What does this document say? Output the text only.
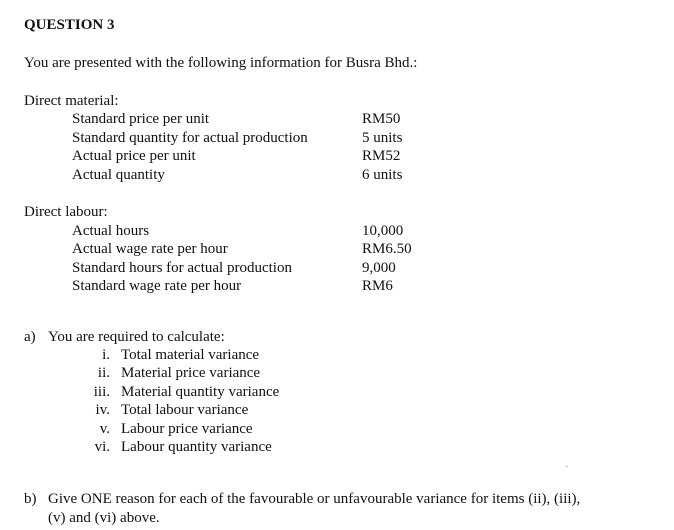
QUESTION 3
You are presented with the following information for Busra Bhd.:
Direct material:
Standard price per unit	RM50
Standard quantity for actual production	5 units
Actual price per unit	RM52
Actual quantity	6 units
Direct labour:
Actual hours	10,000
Actual wage rate per hour	RM6.50
Standard hours for actual production	9,000
Standard wage rate per hour	RM6
a) You are required to calculate:
i. Total material variance
ii. Material price variance
iii. Material quantity variance
iv. Total labour variance
v. Labour price variance
vi. Labour quantity variance
b) Give ONE reason for each of the favourable or unfavourable variance for items (ii), (iii),
(v) and (vi) above.
